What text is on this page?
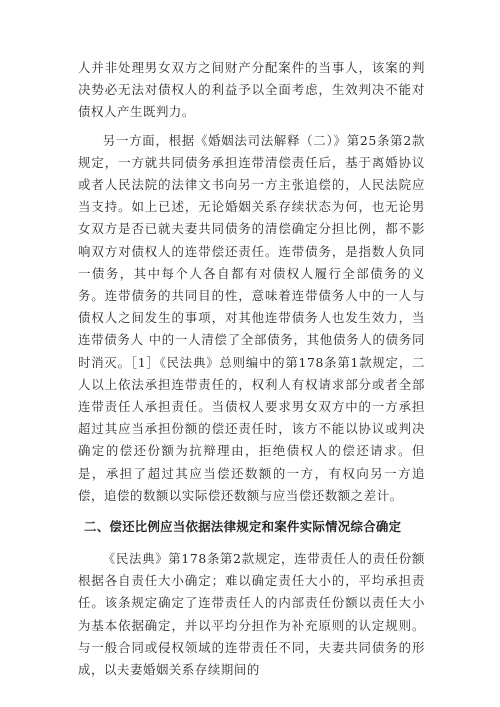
人并非处理男女双方之间财产分配案件的当事人，该案的判决势必无法对债权人的利益予以全面考虑，生效判决不能对债权人产生既判力。

另一方面，根据《婚姻法司法解释（二）》第25条第2款规定，一方就共同债务承担连带清偿责任后，基于离婚协议或者人民法院的法律文书向另一方主张追偿的，人民法院应当支持。如上已述，无论婚姻关系存续状态为何，也无论男女双方是否已就夫妻共同债务的清偿确定分担比例，都不影响双方对债权人的连带偿还责任。连带债务，是指数人负同一债务，其中每个人各自都有对债权人履行全部债务的义务。连带债务的共同目的性，意味着连带债务人中的一人与债权人之间发生的事项，对其他连带债务人也发生效力，当连带债务人 中的一人清偿了全部债务，其他债务人的债务同时消灭。［1］《民法典》总则编中的第178条第1款规定，二人以上依法承担连带责任的，权利人有权请求部分或者全部连带责任人承担责任。当债权人要求男女双方中的一方承担超过其应当承担份额的偿还责任时，该方不能以协议或判决确定的偿还份额为抗辩理由，拒绝债权人的偿还请求。但是，承担了超过其应当偿还数额的一方，有权向另一方追偿，追偿的数额以实际偿还数额与应当偿还数额之差计。

二、偿还比例应当依据法律规定和案件实际情况综合确定

《民法典》第178条第2款规定，连带责任人的责任份额根据各自责任大小确定；难以确定责任大小的，平均承担责任。该条规定确定了连带责任人的内部责任份额以责任大小为基本依据确定，并以平均分担作为补充原则的认定规则。与一般合同或侵权领域的连带责任不同，夫妻共同债务的形成，以夫妻婚姻关系存续期间的
